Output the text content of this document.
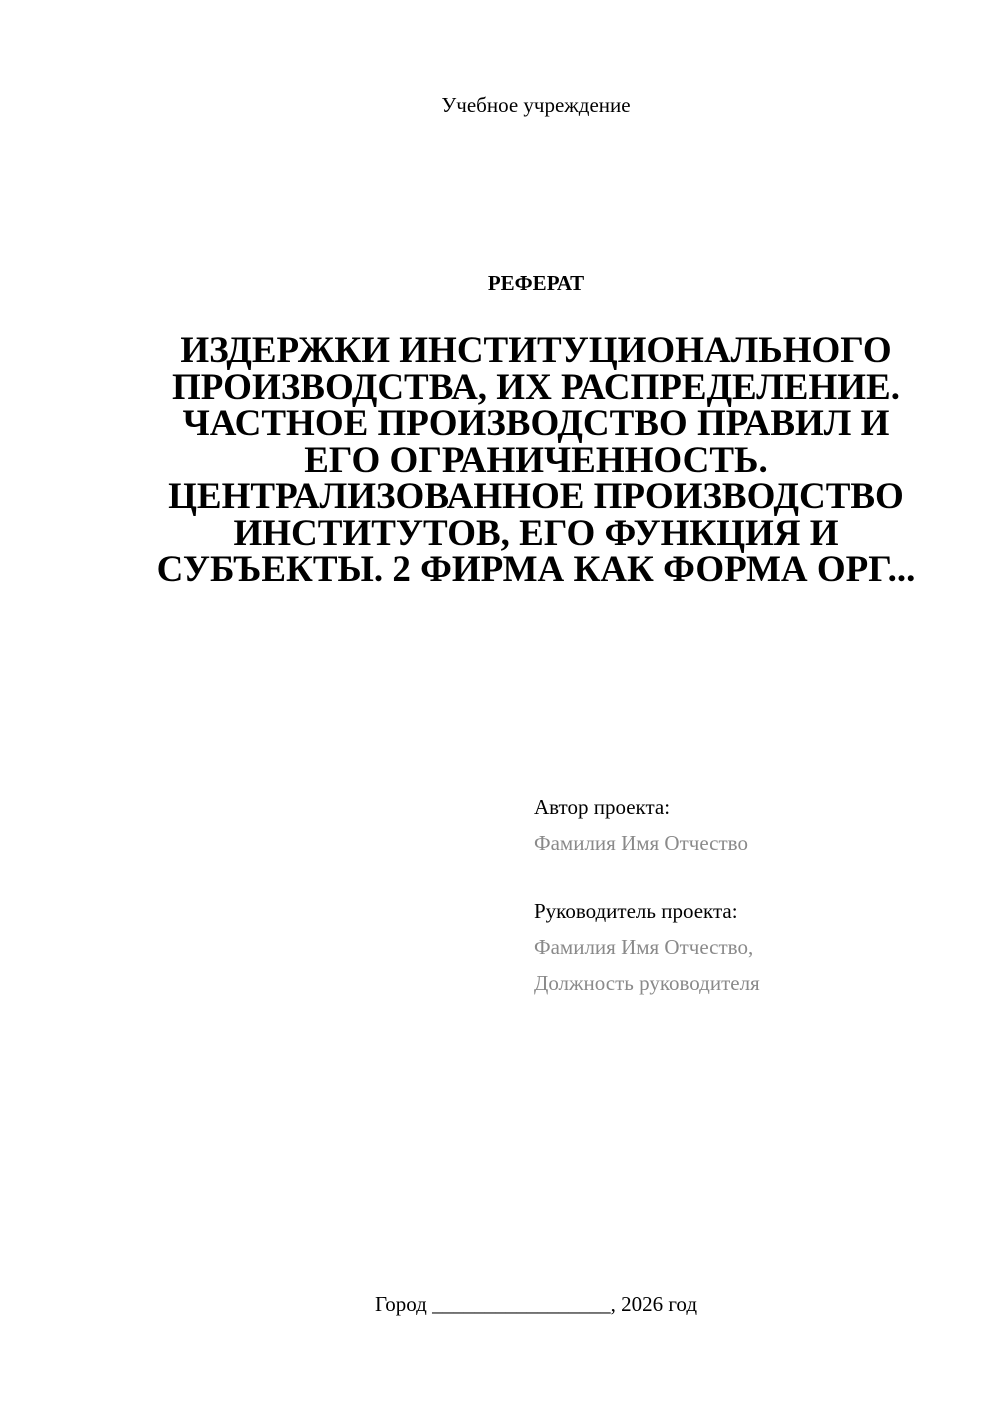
Учебное учреждение
РЕФЕРАТ
ИЗДЕРЖКИ ИНСТИТУЦИОНАЛЬНОГО ПРОИЗВОДСТВА, ИХ РАСПРЕДЕЛЕНИЕ. ЧАСТНОЕ ПРОИЗВОДСТВО ПРАВИЛ И ЕГО ОГРАНИЧЕННОСТЬ. ЦЕНТРАЛИЗОВАННОЕ ПРОИЗВОДСТВО ИНСТИТУТОВ, ЕГО ФУНКЦИЯ И СУБЪЕКТЫ. 2 ФИРМА КАК ФОРМА ОРГ...
Автор проекта:
Фамилия Имя Отчество
Руководитель проекта:
Фамилия Имя Отчество,
Должность руководителя
Город _________________, 2026 год
